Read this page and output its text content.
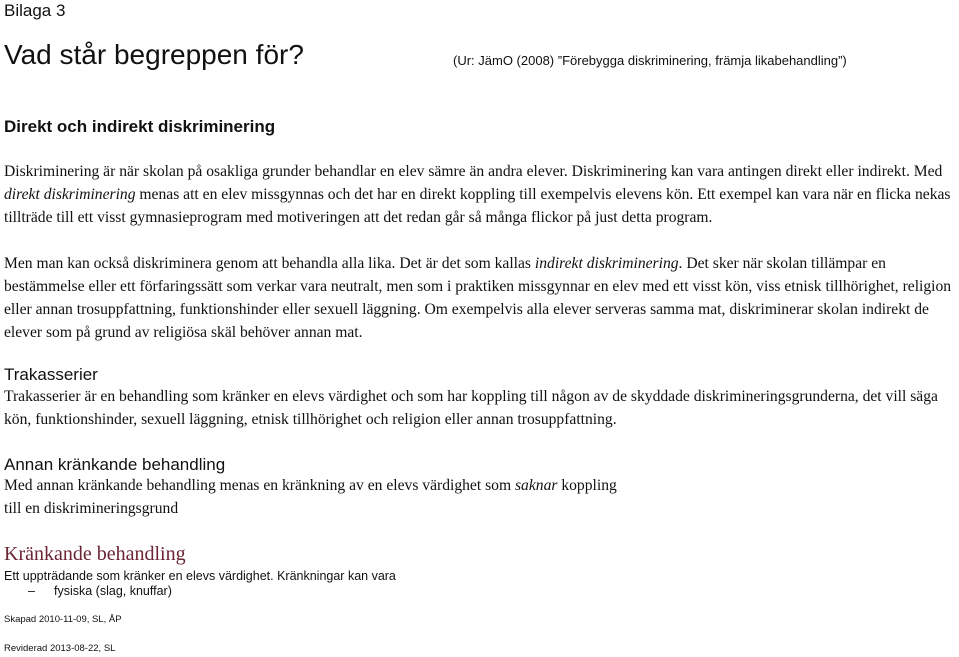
Bilaga 3
Vad står begreppen för?	(Ur: JämO (2008) ”Förebygga diskriminering, främja likabehandling”)
Direkt och indirekt diskriminering

Diskriminering är när skolan på osakliga grunder behandlar en elev sämre än andra elever. Diskriminering kan vara antingen direkt eller indirekt. Med direkt diskriminering menas att en elev missgynnas och det har en direkt koppling till exempelvis elevens kön. Ett exempel kan vara när en flicka nekas tillträde till ett visst gymnasieprogram med motiveringen att det redan går så många flickor på just detta program.

Men man kan också diskriminera genom att behandla alla lika. Det är det som kallas indirekt diskriminering. Det sker när skolan tillämpar en bestämmelse eller ett förfaringssätt som verkar vara neutralt, men som i praktiken missgynnar en elev med ett visst kön, viss etnisk tillhörighet, religion eller annan trosuppfattning, funktionshinder eller sexuell läggning. Om exempelvis alla elever serveras samma mat, diskriminerar skolan indirekt de elever som på grund av religiösa skäl behöver annan mat.

Trakasserier

Trakasserier är en behandling som kränker en elevs värdighet och som har koppling till någon av de skyddade diskrimineringsgrunderna, det vill säga kön, funktionshinder, sexuell läggning, etnisk tillhörighet och religion eller annan trosuppfattning.

Annan kränkande behandling

Med annan kränkande behandling menas en kränkning av en elevs värdighet som saknar koppling
till en diskrimineringsgrund

Kränkande behandling
Ett uppträdande som kränker en elevs värdighet. Kränkningar kan vara
– fysiska (slag, knuffar)
Skapad 2010-11-09, SL, ÅP
Reviderad 2013-08-22, SL
